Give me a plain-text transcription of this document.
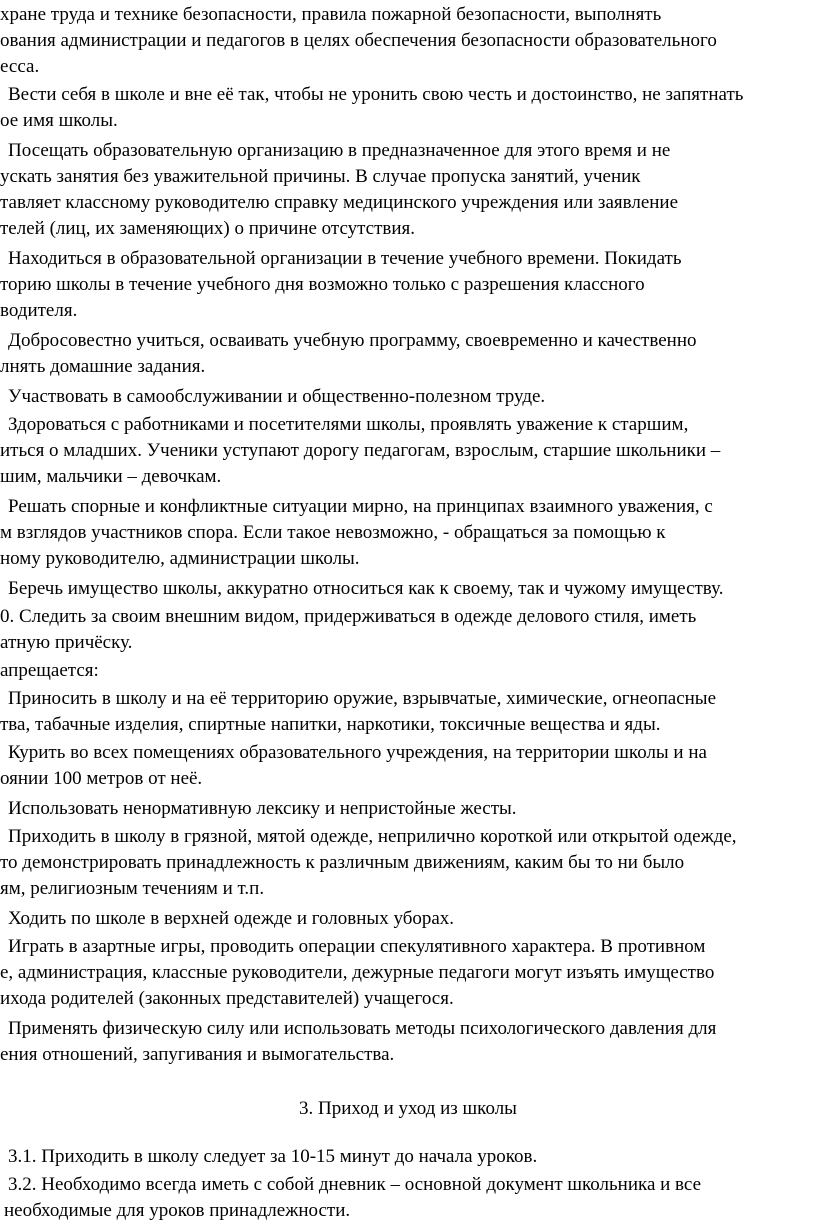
хране труда и технике безопасности, правила пожарной безопасности, выполнять
ования администрации и педагогов в целях обеспечения безопасности образовательного
есса.
Вести себя в школе и вне её так, чтобы не уронить свою честь и достоинство, не запятнать
ое имя школы.
Посещать образовательную организацию в предназначенное для этого время и не
ускать занятия без уважительной причины. В случае пропуска занятий, ученик
тавляет классному руководителю справку медицинского учреждения или заявление
телей (лиц, их заменяющих) о причине отсутствия.
Находиться в образовательной организации в течение учебного времени. Покидать
торию школы в течение учебного дня возможно только с разрешения классного
водителя.
Добросовестно учиться, осваивать учебную программу, своевременно и качественно
лнять домашние задания.
Участвовать в самообслуживании и общественно-полезном труде.
Здороваться с работниками и посетителями школы, проявлять уважение к старшим,
иться о младших. Ученики уступают дорогу педагогам, взрослым, старшие школьники –
шим, мальчики – девочкам.
Решать спорные и конфликтные ситуации мирно, на принципах взаимного уважения, с
м взглядов участников спора. Если такое невозможно, - обращаться за помощью к
ному руководителю, администрации школы.
Беречь имущество школы, аккуратно относиться как к своему, так и чужому имуществу.
0. Следить за своим внешним видом, придерживаться в одежде делового стиля, иметь
атную причёску.
апрещается:
Приносить в школу и на её территорию оружие, взрывчатые, химические, огнеопасные
тва, табачные изделия, спиртные напитки, наркотики, токсичные вещества и яды.
Курить во всех помещениях образовательного учреждения, на территории школы и на
оянии 100 метров от неё.
Использовать ненормативную лексику и непристойные жесты.
Приходить в школу в грязной, мятой одежде, неприлично короткой или открытой одежде,
то демонстрировать принадлежность к различным движениям, каким бы то ни было
ям, религиозным течениям и т.п.
Ходить по школе в верхней одежде и головных уборах.
Играть в азартные игры, проводить операции спекулятивного характера. В противном
е, администрация, классные руководители, дежурные педагоги могут изъять имущество
ихода родителей (законных представителей) учащегося.
Применять физическую силу или использовать методы психологического давления для
ения отношений, запугивания и вымогательства.
3. Приход и уход из школы
3.1. Приходить в школу следует за 10-15 минут до начала уроков.
3.2. Необходимо всегда иметь с собой дневник – основной документ школьника и все
необходимые для уроков принадлежности.
